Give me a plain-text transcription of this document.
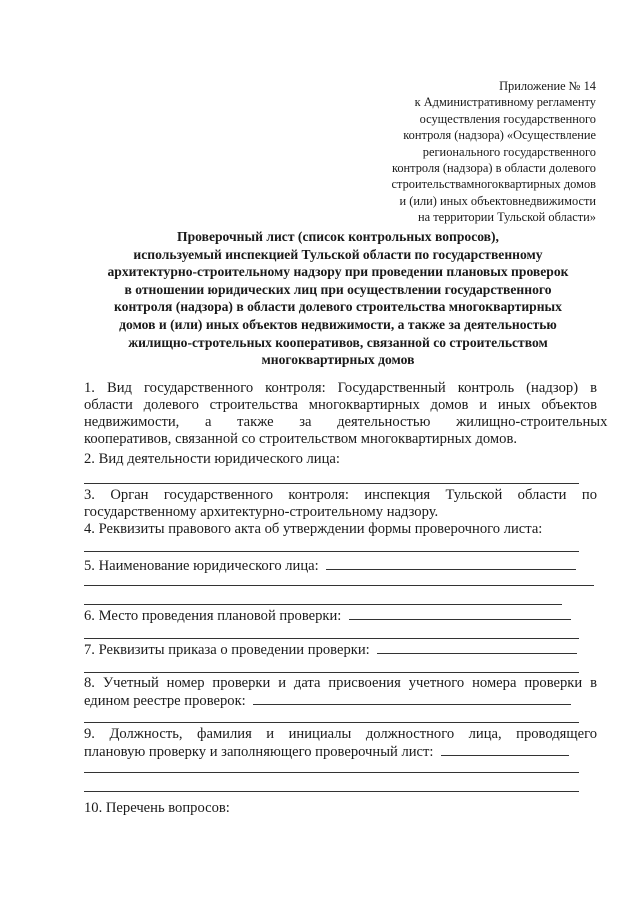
Приложение № 14
к Административному регламенту
осуществления государственного
контроля (надзора) «Осуществление
регионального государственного
контроля (надзора) в области долевого
строительствамногоквартирных домов
и (или) иных объектовнедвижимости
на территории Тульской области»
Проверочный лист (список контрольных вопросов),
используемый инспекцией Тульской области по государственному
архитектурно-строительному надзору при проведении плановых проверок
в отношении юридических лиц при осуществлении государственного
контроля (надзора) в области долевого строительства многоквартирных
домов и (или) иных объектов недвижимости, а также за деятельностью
жилищно-стротельных кооперативов, связанной со строительством
многоквартирных домов
1. Вид государственного контроля: Государственный контроль (надзор) в
области долевого строительства многоквартирных домов и иных объектов
недвижимости, а также за деятельностью жилищно-строительных
кооперативов, связанной со строительством многоквартирных домов.
2. Вид деятельности юридического лица:
3. Орган государственного контроля: инспекция Тульской области по
государственному архитектурно-строительному надзору.
4. Реквизиты правового акта об утверждении формы проверочного листа:
5. Наименование юридического лица:
6. Место проведения плановой проверки:
7. Реквизиты приказа о проведении проверки:
8. Учетный номер проверки и дата присвоения учетного номера проверки в
едином реестре проверок:
9. Должность, фамилия и инициалы должностного лица, проводящего
плановую проверку и заполняющего проверочный лист:
10. Перечень вопросов:
